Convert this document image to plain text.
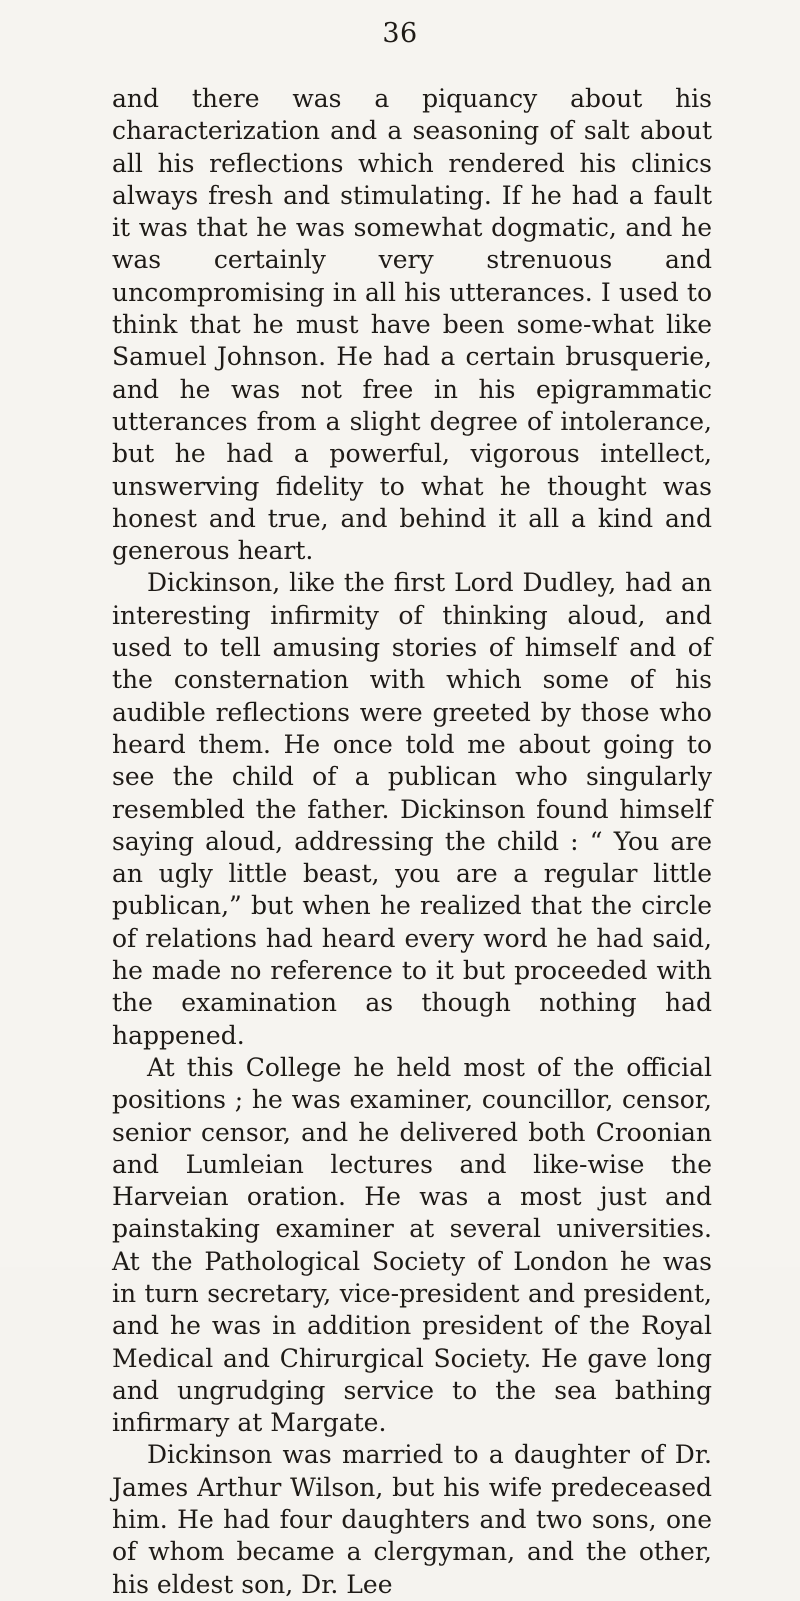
36

and there was a piquancy about his characterization and a seasoning of salt about all his reflections which rendered his clinics always fresh and stimulating. If he had a fault it was that he was somewhat dogmatic, and he was certainly very strenuous and uncompromising in all his utterances. I used to think that he must have been some-what like Samuel Johnson. He had a certain brusquerie, and he was not free in his epigrammatic utterances from a slight degree of intolerance, but he had a powerful, vigorous intellect, unswerving fidelity to what he thought was honest and true, and behind it all a kind and generous heart.

Dickinson, like the first Lord Dudley, had an interesting infirmity of thinking aloud, and used to tell amusing stories of himself and of the consternation with which some of his audible reflections were greeted by those who heard them. He once told me about going to see the child of a publican who singularly resembled the father. Dickinson found himself saying aloud, addressing the child : “ You are an ugly little beast, you are a regular little publican,” but when he realized that the circle of relations had heard every word he had said, he made no reference to it but proceeded with the examination as though nothing had happened.

At this College he held most of the official positions ; he was examiner, councillor, censor, senior censor, and he delivered both Croonian and Lumleian lectures and like-wise the Harveian oration. He was a most just and painstaking examiner at several universities. At the Pathological Society of London he was in turn secretary, vice-president and president, and he was in addition president of the Royal Medical and Chirurgical Society. He gave long and ungrudging service to the sea bathing infirmary at Margate.

Dickinson was married to a daughter of Dr. James Arthur Wilson, but his wife predeceased him. He had four daughters and two sons, one of whom became a clergyman, and the other, his eldest son, Dr. Lee
